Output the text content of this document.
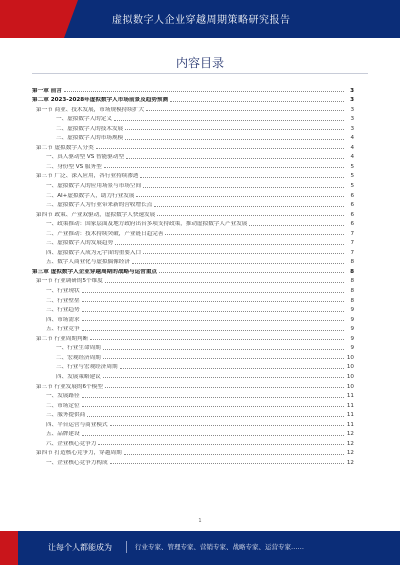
虚拟数字人企业穿越周期策略研究报告
内容目录
第一章 前言	3
第二章 2023-2028年虚拟数字人市场前景及趋势预测	3
第一节 商业、技术发展，市场规模持续扩大	3
一、虚拟数字人的定义	3
二、虚拟数字人的技术发展	3
三、虚拟数字人的市场规模	4
第二节 虚拟数字人分类	4
一、真人驱动型 VS 智能驱动型	4
二、身份型 VS 服务型	5
第三节 广泛、深入应用，各行业持续渗透	5
一、虚拟数字人的应用场景与市场空间	5
二、AI+虚拟数字人，助力行业发展	6
三、虚拟数字人为行业带来新的营收增长点	6
第四节 政策、产业双驱动，虚拟数字人快速发展	6
一、政策推动：国家层面及地方政府出台多项支持政策，推动虚拟数字人产业发展	6
二、产业推动：技术持续突破，产业链日趋完善	7
三、虚拟数字人的发展趋势	7
四、虚拟数字人成为元宇宙的重要入口	7
五、数字人商业化与虚拟偶像经济	8
第三章 虚拟数字人企业穿越周期的战略与运营重点	8
第一节 行业调研的5个维度	8
一、行业现状	8
二、行业壁垒	8
三、行业趋势	9
四、市场需求	9
五、行业竞争	9
第二节 行业周期判断	9
一、行业生命周期	9
二、宏观经济周期	10
三、行业与宏观经济周期	10
四、发展策略建议	10
第三节 行业发展的6个模型	10
一、发展路径	11
二、市场定位	11
三、服务提供商	11
四、平台运营与商业模式	11
五、品牌建设	12
六、企业核心竞争力	12
第四节 打造核心竞争力，穿越周期	12
一、企业核心竞争力构成	12
1
让每个人都能成为	行业专家、管理专家、营销专家、战略专家、运营专家……
